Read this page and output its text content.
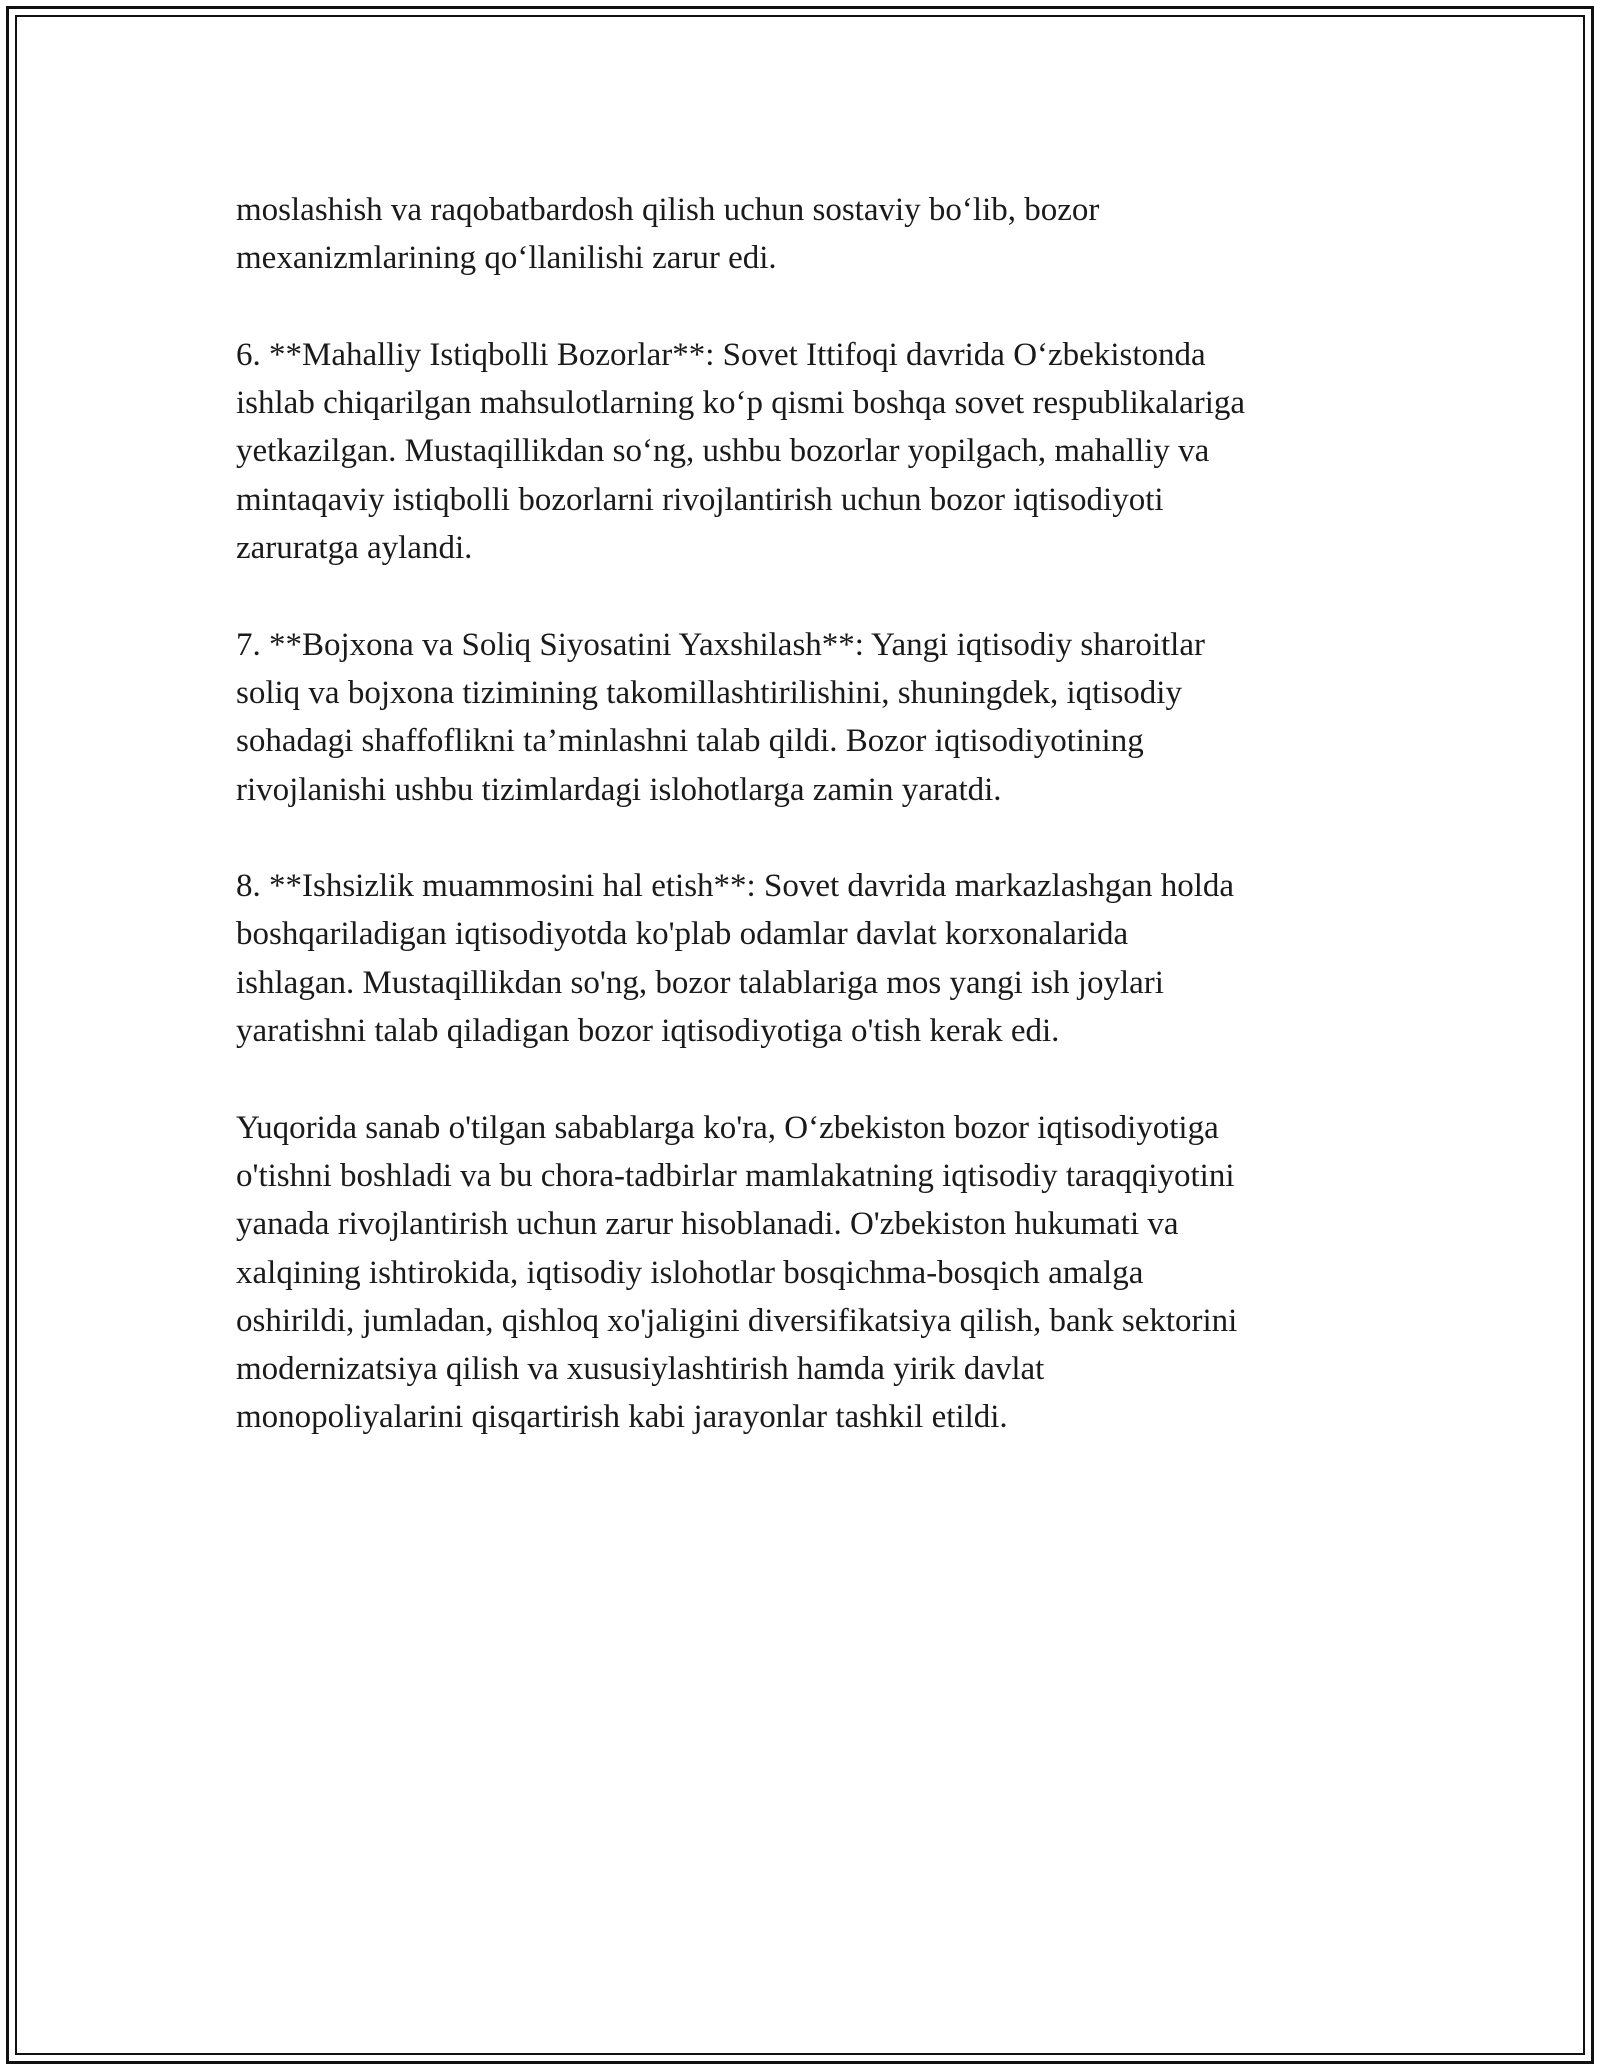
moslashish va raqobatbardosh qilish uchun sostaviy bo‘lib, bozor
mexanizmlarining qo‘llanilishi zarur edi.

6. **Mahalliy Istiqbolli Bozorlar**: Sovet Ittifoqi davrida O‘zbekistonda
ishlab chiqarilgan mahsulotlarning ko‘p qismi boshqa sovet respublikalariga
yetkazilgan. Mustaqillikdan so‘ng, ushbu bozorlar yopilgach, mahalliy va
mintaqaviy istiqbolli bozorlarni rivojlantirish uchun bozor iqtisodiyoti
zaruratga aylandi.

7. **Bojxona va Soliq Siyosatini Yaxshilash**: Yangi iqtisodiy sharoitlar
soliq va bojxona tizimining takomillashtirilishini, shuningdek, iqtisodiy
sohadagi shaffoflikni ta’minlashni talab qildi. Bozor iqtisodiyotining
rivojlanishi ushbu tizimlardagi islohotlarga zamin yaratdi.

8. **Ishsizlik muammosini hal etish**: Sovet davrida markazlashgan holda
boshqariladigan iqtisodiyotda ko'plab odamlar davlat korxonalarida
ishlagan. Mustaqillikdan so'ng, bozor talablariga mos yangi ish joylari
yaratishni talab qiladigan bozor iqtisodiyotiga o'tish kerak edi.

Yuqorida sanab o'tilgan sabablarga ko'ra, O‘zbekiston bozor iqtisodiyotiga
o'tishni boshladi va bu chora-tadbirlar mamlakatning iqtisodiy taraqqiyotini
yanada rivojlantirish uchun zarur hisoblanadi. O'zbekiston hukumati va
xalqining ishtirokida, iqtisodiy islohotlar bosqichma-bosqich amalga
oshirildi, jumladan, qishloq xo'jaligini diversifikatsiya qilish, bank sektorini
modernizatsiya qilish va xususiylashtirish hamda yirik davlat
monopoliyalarini qisqartirish kabi jarayonlar tashkil etildi.
